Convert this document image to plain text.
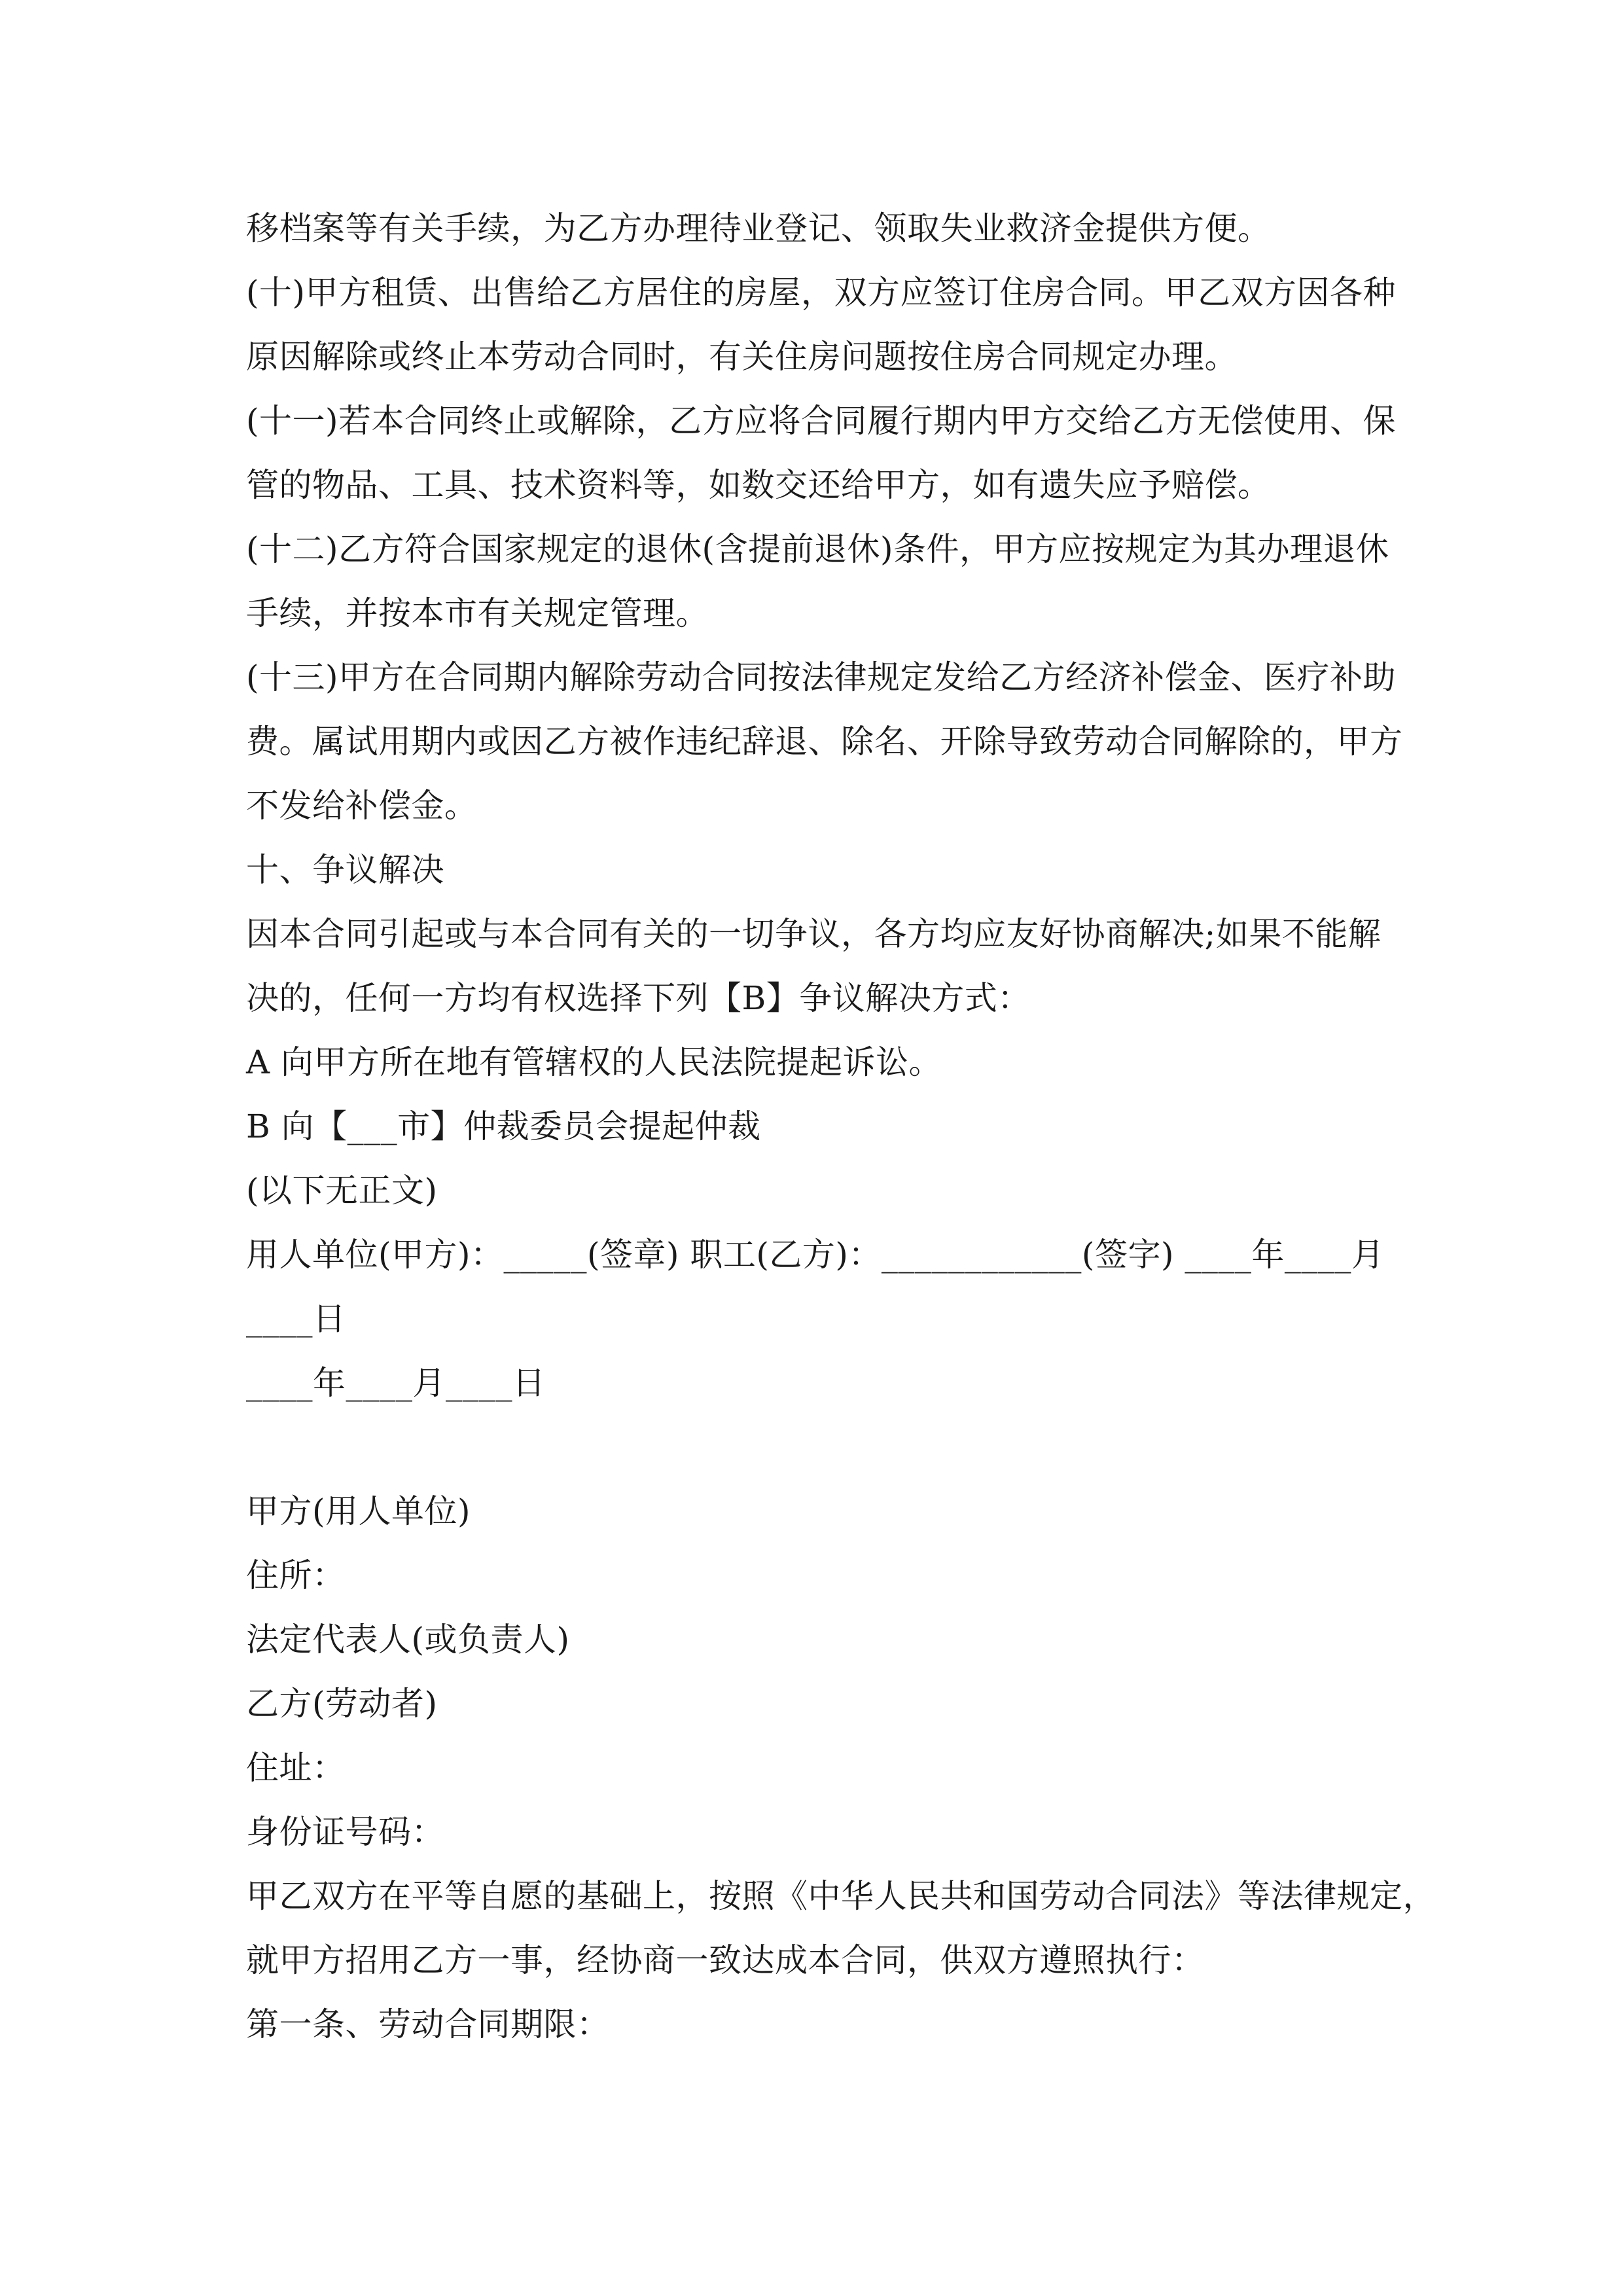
移档案等有关手续，为乙方办理待业登记、领取失业救济金提供方便。
(十)甲方租赁、出售给乙方居住的房屋，双方应签订住房合同。甲乙双方因各种
原因解除或终止本劳动合同时，有关住房问题按住房合同规定办理。
(十一)若本合同终止或解除，乙方应将合同履行期内甲方交给乙方无偿使用、保
管的物品、工具、技术资料等，如数交还给甲方，如有遗失应予赔偿。
(十二)乙方符合国家规定的退休(含提前退休)条件，甲方应按规定为其办理退休
手续，并按本市有关规定管理。
(十三)甲方在合同期内解除劳动合同按法律规定发给乙方经济补偿金、医疗补助
费。属试用期内或因乙方被作违纪辞退、除名、开除导致劳动合同解除的，甲方
不发给补偿金。
十、争议解决
因本合同引起或与本合同有关的一切争议，各方均应友好协商解决;如果不能解
决的，任何一方均有权选择下列【B】争议解决方式：
A 向甲方所在地有管辖权的人民法院提起诉讼。
B 向【___市】仲裁委员会提起仲裁
(以下无正文)
用人单位(甲方)：_____(签章) 职工(乙方)：____________(签字) ____年____月
____日
____年____月____日
甲方(用人单位)
住所：
法定代表人(或负责人)
乙方(劳动者)
住址：
身份证号码：
甲乙双方在平等自愿的基础上，按照《中华人民共和国劳动合同法》等法律规定，
就甲方招用乙方一事，经协商一致达成本合同，供双方遵照执行：
第一条、劳动合同期限：
